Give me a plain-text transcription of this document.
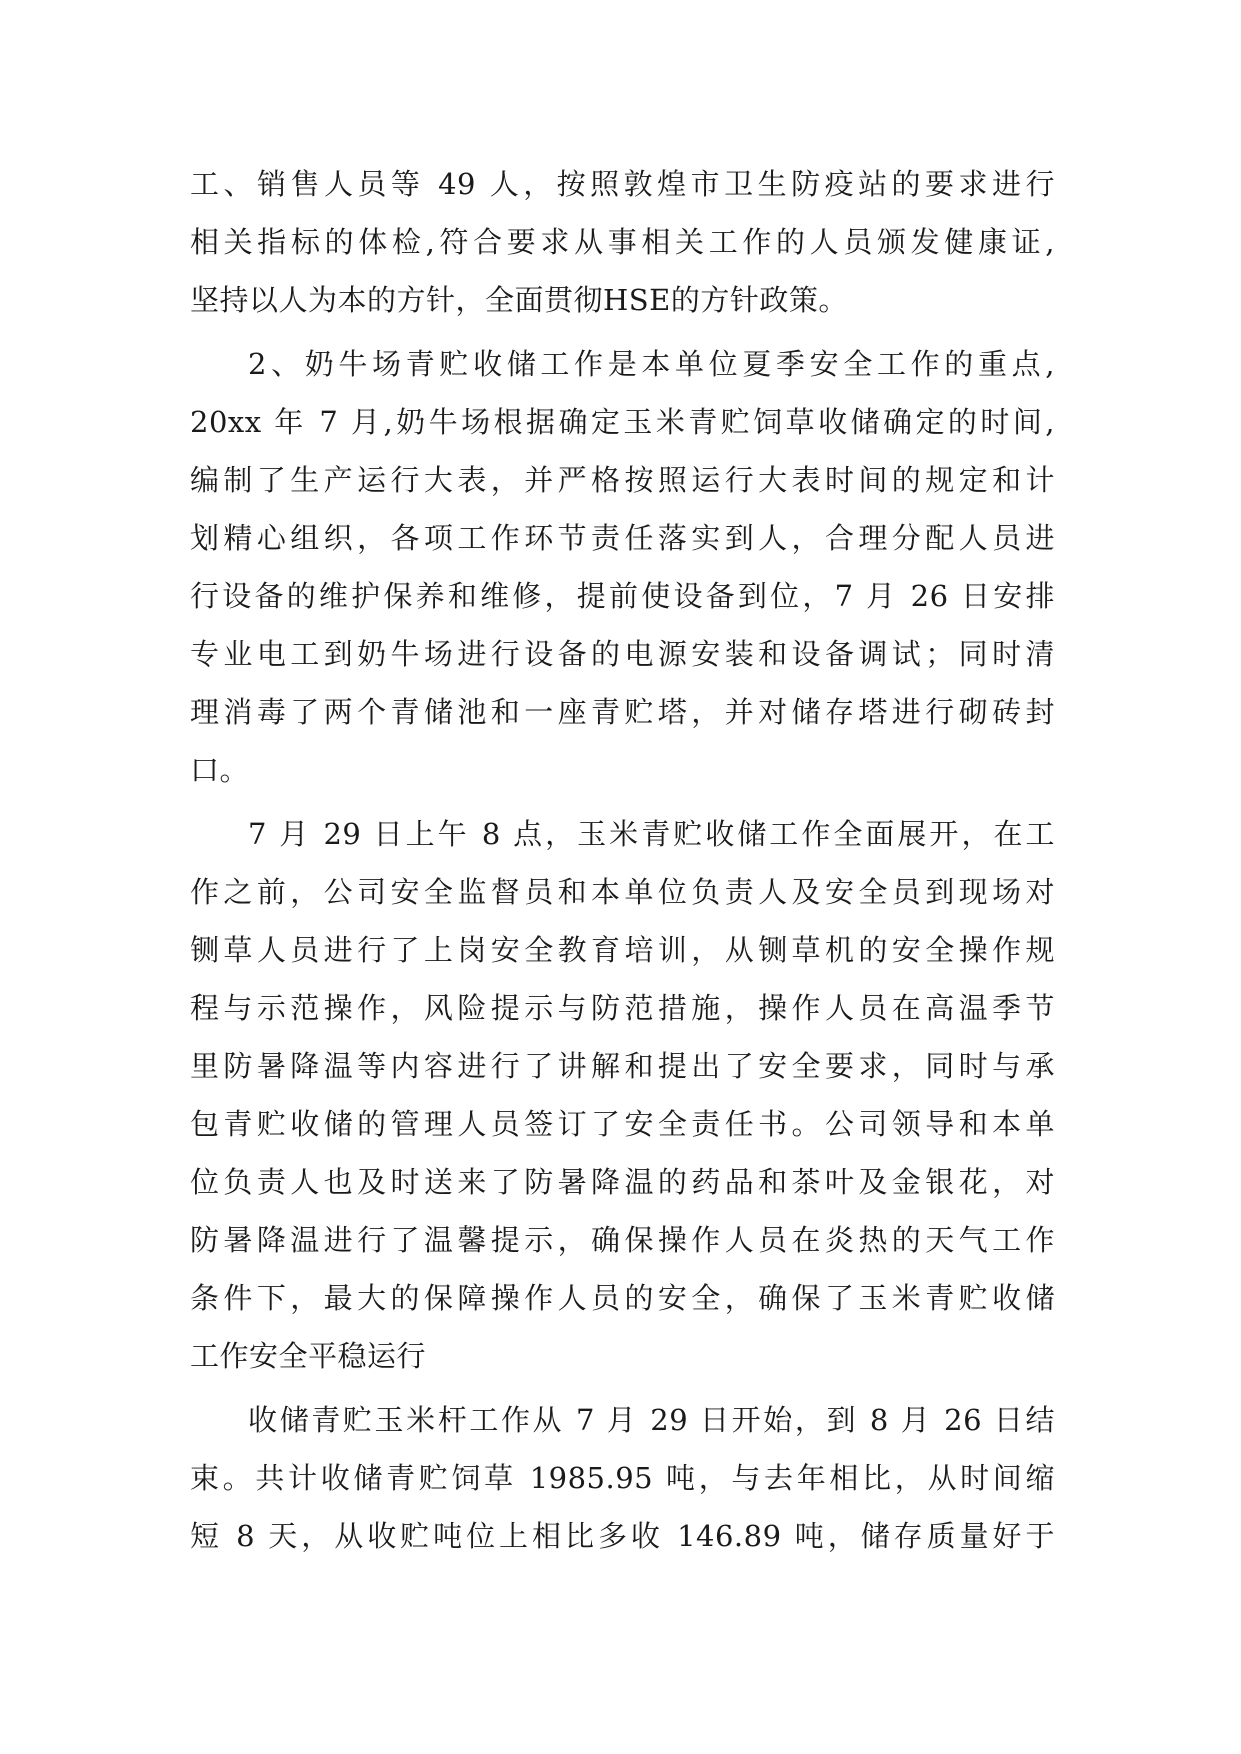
工、销售人员等 49 人，按照敦煌市卫生防疫站的要求进行
相关指标的体检,符合要求从事相关工作的人员颁发健康证,
坚持以人为本的方针，全面贯彻HSE的方针政策。
2、奶牛场青贮收储工作是本单位夏季安全工作的重点,
20xx 年 7 月,奶牛场根据确定玉米青贮饲草收储确定的时间,
编制了生产运行大表，并严格按照运行大表时间的规定和计
划精心组织，各项工作环节责任落实到人，合理分配人员进
行设备的维护保养和维修，提前使设备到位，7 月 26 日安排
专业电工到奶牛场进行设备的电源安装和设备调试；同时清
理消毒了两个青储池和一座青贮塔，并对储存塔进行砌砖封
口。
7 月 29 日上午 8 点，玉米青贮收储工作全面展开，在工
作之前，公司安全监督员和本单位负责人及安全员到现场对
铡草人员进行了上岗安全教育培训，从铡草机的安全操作规
程与示范操作，风险提示与防范措施，操作人员在高温季节
里防暑降温等内容进行了讲解和提出了安全要求，同时与承
包青贮收储的管理人员签订了安全责任书。公司领导和本单
位负责人也及时送来了防暑降温的药品和茶叶及金银花，对
防暑降温进行了温馨提示，确保操作人员在炎热的天气工作
条件下，最大的保障操作人员的安全，确保了玉米青贮收储
工作安全平稳运行
收储青贮玉米杆工作从 7 月 29 日开始，到 8 月 26 日结
束。共计收储青贮饲草 1985.95 吨，与去年相比，从时间缩
短 8 天，从收贮吨位上相比多收 146.89 吨，储存质量好于
